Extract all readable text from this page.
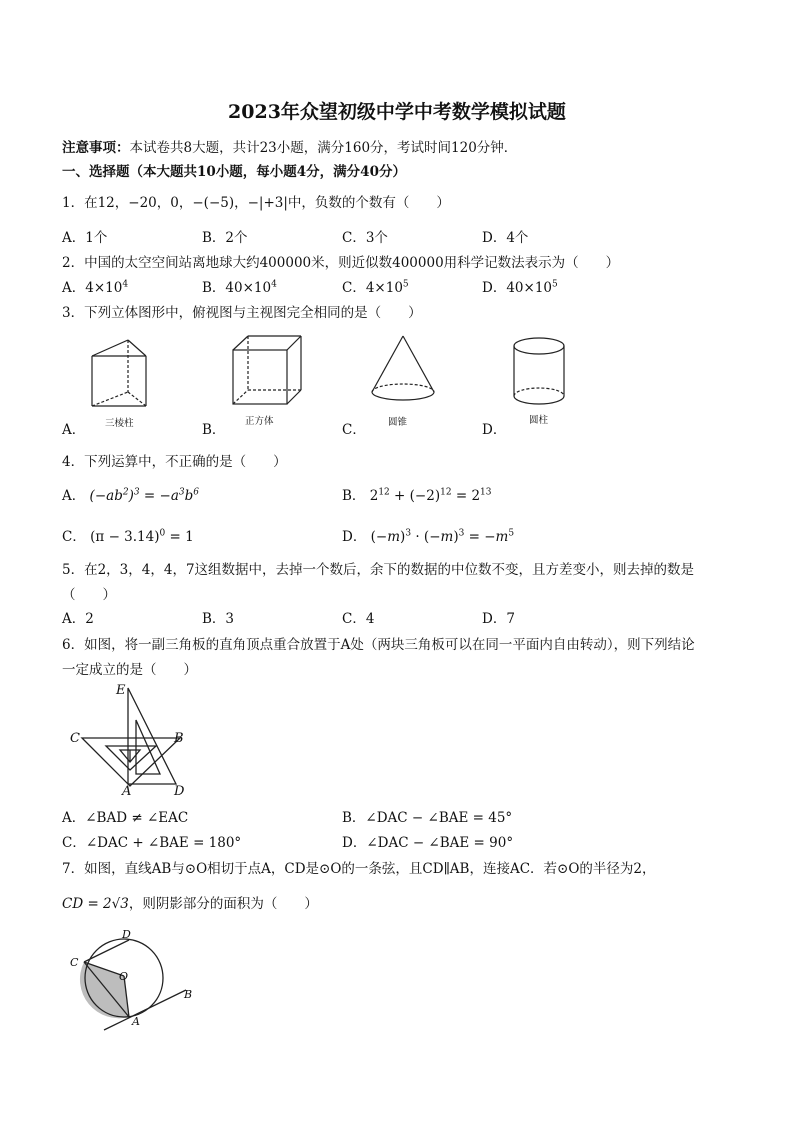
2023年众望初级中学中考数学模拟试题
注意事项：本试卷共8大题，共计23小题，满分160分，考试时间120分钟．
一、选择题（本大题共10小题，每小题4分，满分40分）
1．在12，−20，0，−(−5)，−|+3|中，负数的个数有（　　）
A．1个	B．2个	C．3个	D．4个
2．中国的太空空间站离地球大约400000米，则近似数400000用科学记数法表示为（　　）
A．$4\times 10^4$	B．$40\times 10^4$	C．$4\times 10^5$	D．$40\times 10^5$
3．下列立体图形中，俯视图与主视图完全相同的是（　　）
三棱柱
A．
正方体
B．	圆锥
C．
圆柱
D．
4．下列运算中，不正确的是（　　）
A． $(-ab^2)^3 = -a^3b^6$	B． $2^{12} + (-2)^{12} = 2^{13}$
C． $(\pi - 3.14)^0 = 1$	D． $(-m)^3 \cdot (-m)^3 = -m^5$
5．在2，3，4，4，7这组数据中，去掉一个数后，余下的数据的中位数不变，且方差变小，则去掉的数是
（　　）
A．2	B．3	C．4	D．7
6．如图，将一副三角板的直角顶点重合放置于A处（两块三角板可以在同一平面内自由转动），则下列结论
一定成立的是（　　）
E
C	B
A	D
A．∠BAD ≠ ∠EAC	B．∠DAC − ∠BAE = 45°
C．∠DAC + ∠BAE = 180°	D．∠DAC − ∠BAE = 90°
7．如图，直线AB与⊙O相切于点A，CD是⊙O的一条弦，且CD∥AB，连接AC．若⊙O的半径为2，
CD = 2√3，则阴影部分的面积为（　　）
D
C
O
B
A
